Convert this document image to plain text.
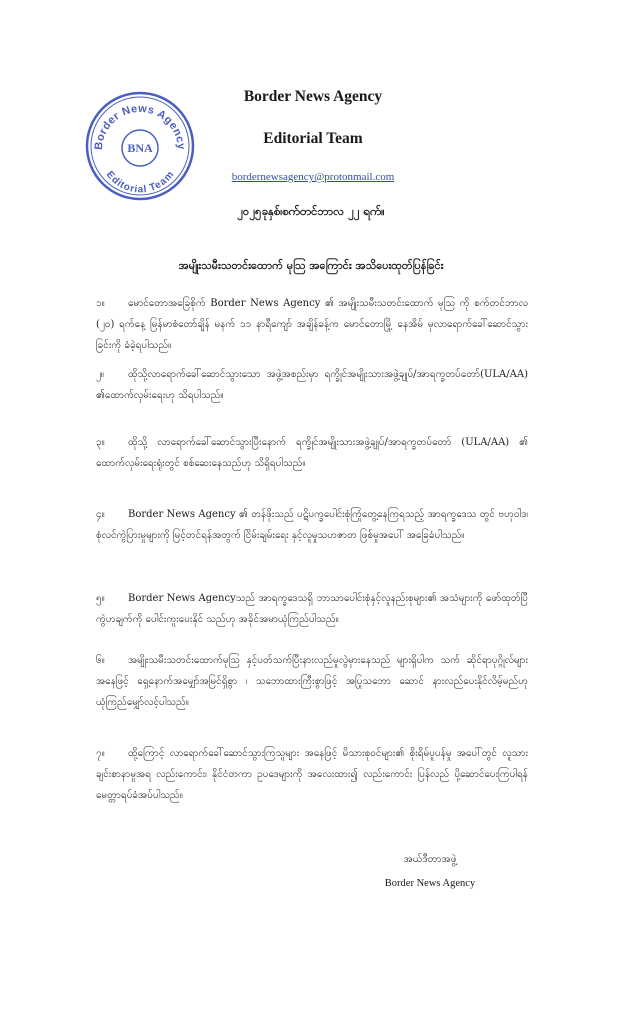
Border News Agency
Editorial Team
BNA
Border News Agency
Editorial Team
bordernewsagency@protonmail.com
၂၀၂၅ခုနှစ်၊စက်တင်ဘာလ ၂၂ ရက်။
အမျိုးသမီးသတင်းထောက် မုဩ အကြောင်း အသိပေးထုတ်ပြန်ခြင်း
၁။ မောင်တောအခြေစိုက် Border News Agency ၏ အမျိုးသမီးသတင်းထောက် မုဩ ကို စက်တင်ဘာလ (၂၀) ရက်နေ့ မြန်မာစံတော်ချိန် မနက် ၁၁ နာရီကျော် အချိန်ခန့်က မောင်တောမြို့ နေအိမ် မှလာရောက်ခေါ်ဆောင်သွားခြင်းကို ခံခဲ့ရပါသည်။
၂။ ထိုသို့လာရောက်ခေါ်ဆောင်သွားသော အဖွဲ့အစည်းမှာ ရက္ခိုင်အမျိုးသားအဖွဲ့ချုပ်/အာရက္ခတပ်တော်(ULA/AA) ၏ထောက်လှမ်းရေးဟု သိရပါသည်။
၃။ ထိုသို့ လာရောက်ခေါ်ဆောင်သွားပြီးနောက် ရက္ခိုင်အမျိုးသားအဖွဲ့ချုပ်/အာရက္ခတပ်တော် (ULA/AA) ၏ ထောက်လှမ်းရေးရုံးတွင် စစ်ဆေးနေသည်ဟု သိရှိရပါသည်။
၄။ Border News Agency ၏ တန်ဖိုးသည် ပဋိပက္ခပေါင်းစုံကြုံတွေ့နေကြရသည့် အာရက္ခဒေသ တွင် ဗဟုဝါဒ၊ စုံလင်ကွဲပြားမှုများကို မြင့်တင်ရန်အတွက် ငြိမ်းချမ်းရေး နှင့်လူမှုသဟဇာတ ဖြစ်မှုအပေါ် အခြေခံပါသည်။
၅။ Border News Agencyသည် အာရက္ခဒေသရှိ ဘာသာပေါင်းစုံနှင့်လူနည်းစုများ၏ အသံများကို ဖော်ထုတ်ပြီ ကွဲဟချက်ကို ပေါင်းကူးပေးနိုင် သည်ဟု အခိုင်အမာယုံကြည်ပါသည်။
၆။ အမျိုးသမီးသတင်းထောက်မုဩ နှင့်ပတ်သက်ပြီးနားလည်မှုလွဲမှားနေသည် များရှိပါက သက် ဆိုင်ရာပုဂ္ဂိုလ်များ အနေဖြင့် ရှေ့နောက်အမျှော်အမြင်ရှိစွာ ၊ သဘောထားကြီးစွာဖြင့် အပြုသဘော ဆောင် နားလည်ပေးနိုင်လိမ့်မည်ဟု ယုံကြည်မျှော်လင့်ပါသည်။
၇။ ထို့ကြောင့် လာရောက်ခေါ်ဆောင်သွားကြသူများ အနေဖြင့် မိသားစုဝင်များ၏ စိုးရိမ်ပူပန်မှု အပေါ်တွင် လူသားချင်းစာနာမှုအရ လည်းကောင်း၊ နိုင်ငံတကာ ဥပဒေများကို အလေးထား၍ လည်းကောင်း ပြန်လည် ပို့ဆောင်ပေးကြပါရန် မေတ္တာရပ်ခံအပ်ပါသည်။
အယ်ဒီတာအဖွဲ့
Border News Agency
